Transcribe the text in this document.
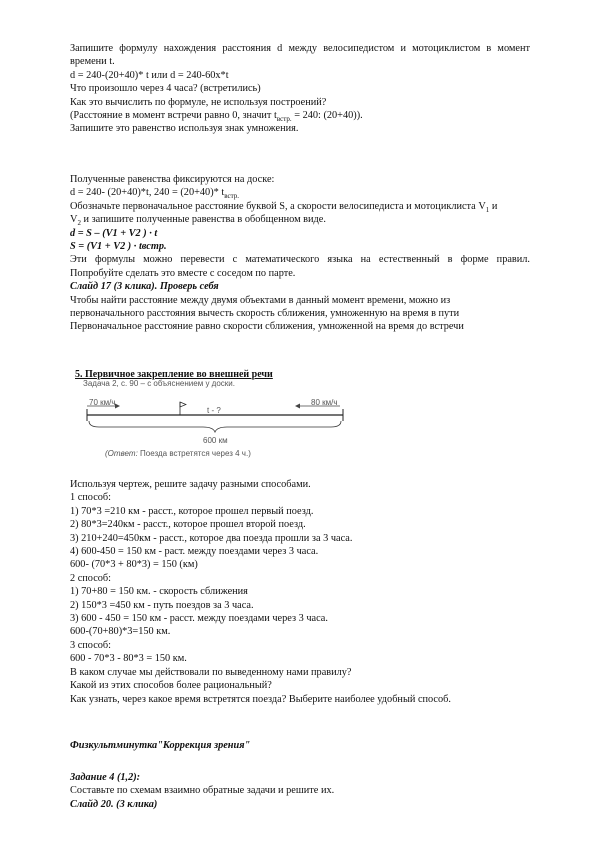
Запишите формулу нахождения расстояния d между велосипедистом и мотоциклистом в момент
времени t.
d = 240-(20+40)* t или d = 240-60х*t
Что произошло через 4 часа? (встретились)
Как это вычислить по формуле, не используя построений?
(Расстояние в момент встречи равно 0, значит $t_{встр.} = 240$: (20+40)).
Запишите это равенство используя знак умножения.
Полученные равенства фиксируются на доске:
d = 240- (20+40)*t, 240 = (20+40)* $t_{встр.}$
Обозначьте первоначальное расстояние буквой S, а скорости велосипедиста и мотоциклиста $V_1$ и
$V_2$ и запишите полученные равенства в обобщенном виде.
d = S – (V1 + V2 ) · t
S = (V1 + V2 ) · tвстр.
Эти формулы можно перевести с математического языка на естественный в форме правил.
Попробуйте сделать это вместе с соседом по парте.
Слайд 17 (3 клика). Проверь себя
Чтобы найти расстояние между двумя объектами в данный момент времени, можно из
первоначального расстояния вычесть скорость сближения, умноженную на время в пути
Первоначальное расстояние равно скорости сближения, умноженной на время до встречи
5. Первичное закрепление во внешней речи
Задача 2, с. 90 – с объяснением у доски.
70 км/ч	80 км/ч
t - ?
600 км
(Ответ: Поезда встретятся через 4 ч.)
Используя чертеж, решите задачу разными способами.
1 способ:
1) 70*3 =210 км - расст., которое прошел первый поезд.
2) 80*3=240км - расст., которое прошел второй поезд.
3) 210+240=450км - расст., которое два поезда прошли за 3 часа.
4) 600-450 = 150 км - раст. между поездами через 3 часа.
600- (70*3 + 80*3) = 150 (км)
2 способ:
1) 70+80 = 150 км. - скорость сближения
2) 150*3 =450 км - путь поездов за 3 часа.
3) 600 - 450 = 150 км - расст. между поездами через 3 часа.
600-(70+80)*3=150 км.
3 способ:
600 - 70*3 - 80*3 = 150 км.
В каком случае мы действовали по выведенному нами правилу?
Какой из этих способов более рациональный?
Как узнать, через какое время встретятся поезда? Выберите наиболее удобный способ.
Физкультминутка"Коррекция зрения"
Задание 4 (1,2):
Составьте по схемам взаимно обратные задачи и решите их.
Слайд 20. (3 клика)
